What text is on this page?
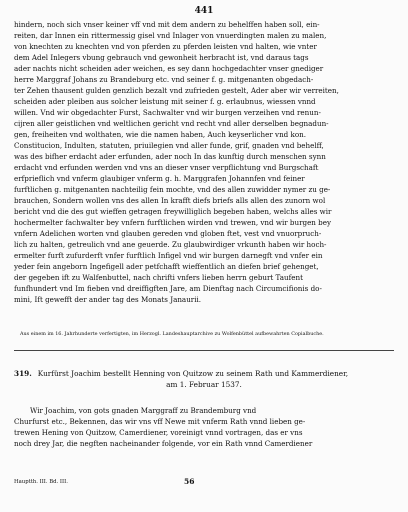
441
hindern, noch sich vnser keiner vff vnd mit dem andern zu behelffen haben soll, ein-
reiten, dar Innen ein rittermessig gisel vnd Inlager von vnuerdingten malen zu malen,
von knechten zu knechten vnd von pferden zu pferden leisten vnd halten, wie vnter
dem Adel Inlegers vbung gebrauch vnd gewonheit herbracht ist, vnd daraus tags
ader nachts nicht scheiden ader weichen, es sey dann hochgedachter vnser gnediger
herre Marggraf Johans zu Brandeburg etc. vnd seiner f. g. mitgenanten obgedach-
ter Zehen thausent gulden genzlich bezalt vnd zufrieden gestelt, Ader aber wir verreiten,
scheiden ader pleiben aus solcher leistung mit seiner f. g. erlaubnus, wiessen vnnd
willen. Vnd wir obgedachter Furst, Sachwalter vnd wir burgen verzeihen vnd renun-
cijren aller geistlichen vnd weltlichen gericht vnd recht vnd aller derselben begnadun-
gen, freiheiten vnd wolthaten, wie die namen haben, Auch keyserlicher vnd kon.
Constitucion, Indulten, statuten, priuilegien vnd aller funde, grif, gnaden vnd behelff,
was des bifher erdacht ader erfunden, ader noch In das kunftig durch menschen synn
erdacht vnd erfunden werden vnd vns an dieser vnser verpflichtung vnd Burgschaft
erfprieflich vnd vnferm glaubiger vnferm g. h. Marggrafen Johannfen vnd feiner
furftlichen g. mitgenanten nachteilig fein mochte, vnd des allen zuwidder nymer zu ge-
brauchen, Sondern wollen vns des allen In krafft diefs briefs alls allen des zunorn wol
bericht vnd die des gut wieffen getragen freywilliglich begeben haben, welchs alles wir
hochermelter fachwalter bey vnfern furftlichen wirden vnd trewen, vnd wir burgen bey
vnfern Adelichen worten vnd glauben gereden vnd globen ftet, vest vnd vnuorpruch-
lich zu halten, getreulich vnd ane geuerde. Zu glaubwirdiger vrkunth haben wir hoch-
ermelter furft zufurderft vnfer furftlich Infigel vnd wir burgen darnegft vnd vnfer ein
yeder fein angeborn Ingefigell ader petfchafft wieffentlich an diefen brief gehenget,
der gegeben ift zu Walfenbuttel, nach chrifti vnfers lieben herrn geburt Taufent
funfhundert vnd Im fieben vnd dreiffigften Jare, am Dienftag nach Circumcifionis do-
mini, Ift gewefft der ander tag des Monats Janaurii.
Aus einem im 16. Jahrhunderte verfertigten, im Herzogl. Landeshauptarchive zu Wolfenbüttel aufbewahrten Copialbuche.
319. Kurfürst Joachim bestellt Henning von Quitzow zu seinem Rath und Kammerdiener,
am 1. Februar 1537.
Wir Joachim, von gots gnaden Marggraff zu Brandemburg vnd
Churfurst etc., Bekennen, das wir vns vff Newe mit vnferm Rath vnnd lieben ge-
trewen Hening von Quitzow, Camerdiener, voreinigt vnnd vortragen, das er vns
noch drey Jar, die negften nacheinander folgende, vor ein Rath vnnd Camerdiener
Hauptth. III. Bd. III.	56
